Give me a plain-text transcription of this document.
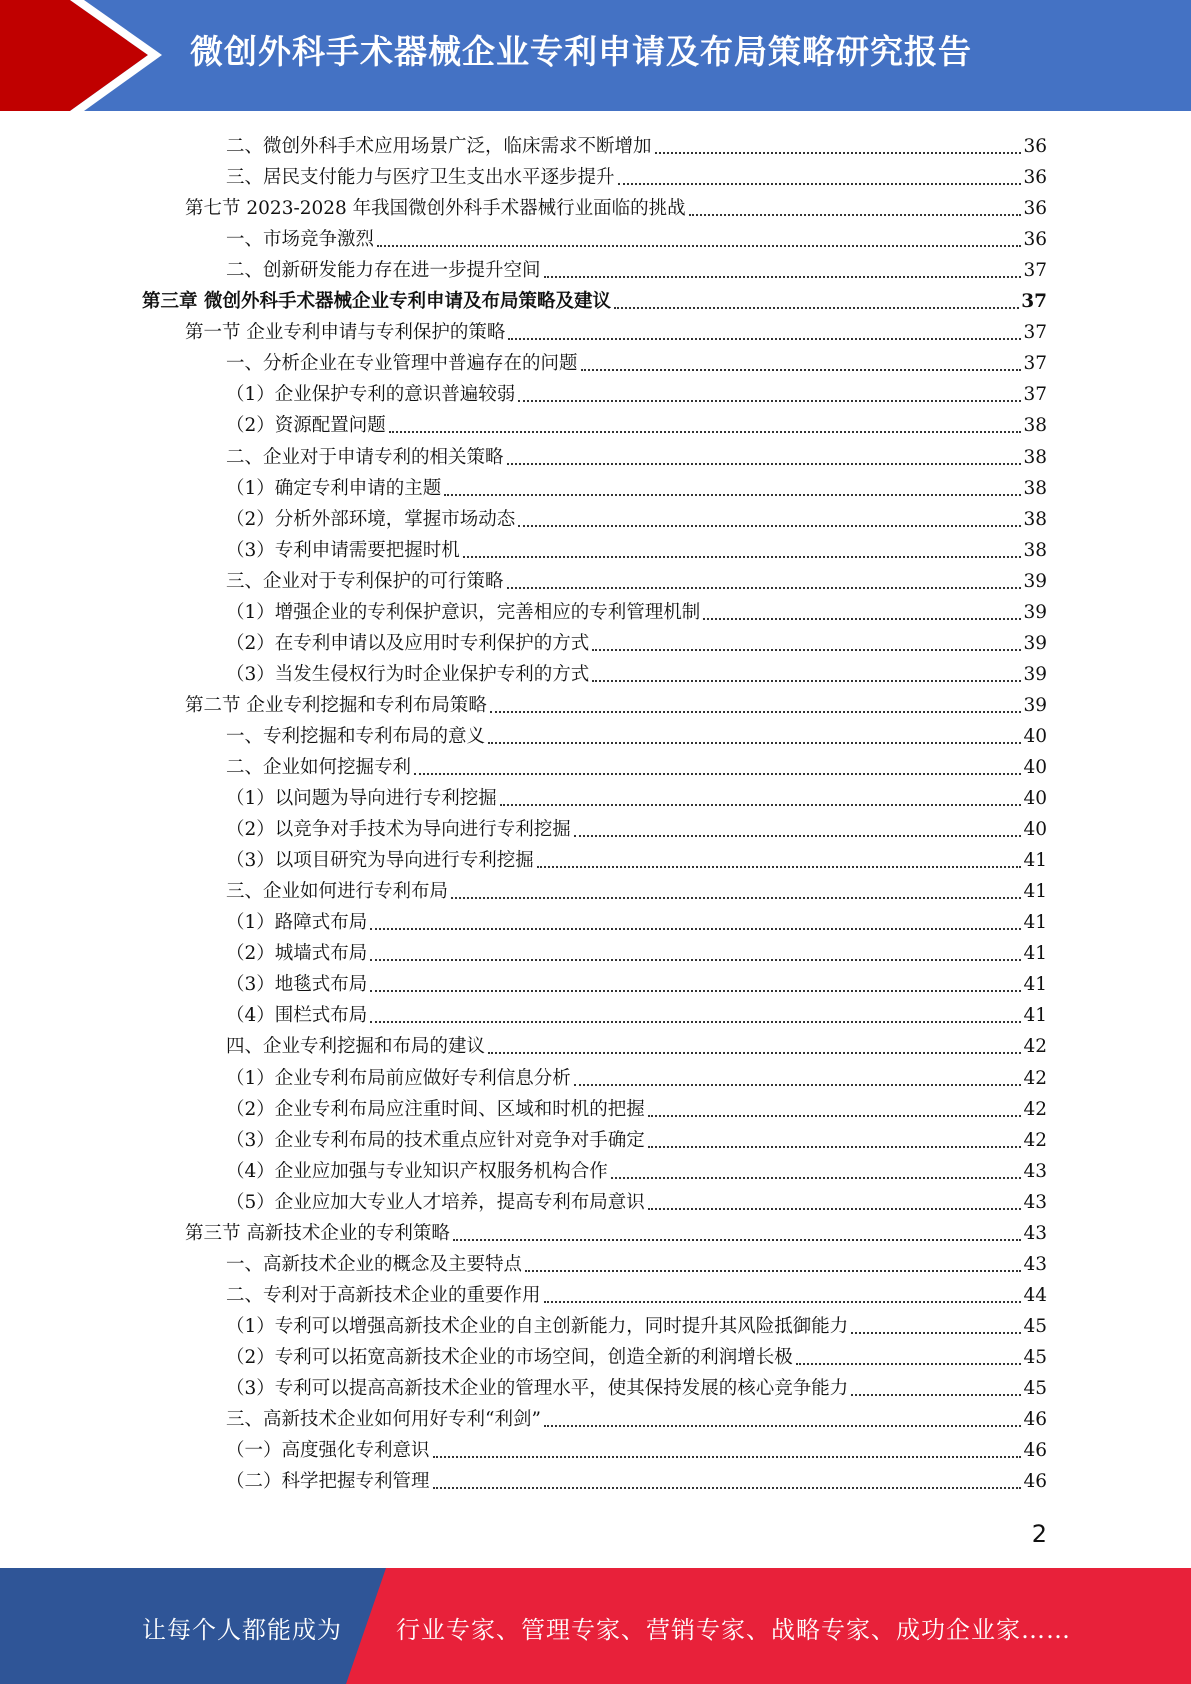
微创外科手术器械企业专利申请及布局策略研究报告
二、微创外科手术应用场景广泛，临床需求不断增加	36
三、居民支付能力与医疗卫生支出水平逐步提升	36
第七节 2023-2028 年我国微创外科手术器械行业面临的挑战	36
一、市场竞争激烈	36
二、创新研发能力存在进一步提升空间	37
第三章 微创外科手术器械企业专利申请及布局策略及建议	37
第一节 企业专利申请与专利保护的策略	37
一、分析企业在专业管理中普遍存在的问题	37
（1）企业保护专利的意识普遍较弱	37
（2）资源配置问题	38
二、企业对于申请专利的相关策略	38
（1）确定专利申请的主题	38
（2）分析外部环境，掌握市场动态	38
（3）专利申请需要把握时机	38
三、企业对于专利保护的可行策略	39
（1）增强企业的专利保护意识，完善相应的专利管理机制	39
（2）在专利申请以及应用时专利保护的方式	39
（3）当发生侵权行为时企业保护专利的方式	39
第二节 企业专利挖掘和专利布局策略	39
一、专利挖掘和专利布局的意义	40
二、企业如何挖掘专利	40
（1）以问题为导向进行专利挖掘	40
（2）以竞争对手技术为导向进行专利挖掘	40
（3）以项目研究为导向进行专利挖掘	41
三、企业如何进行专利布局	41
（1）路障式布局	41
（2）城墙式布局	41
（3）地毯式布局	41
（4）围栏式布局	41
四、企业专利挖掘和布局的建议	42
（1）企业专利布局前应做好专利信息分析	42
（2）企业专利布局应注重时间、区域和时机的把握	42
（3）企业专利布局的技术重点应针对竞争对手确定	42
（4）企业应加强与专业知识产权服务机构合作	43
（5）企业应加大专业人才培养，提高专利布局意识	43
第三节 高新技术企业的专利策略	43
一、高新技术企业的概念及主要特点	43
二、专利对于高新技术企业的重要作用	44
（1）专利可以增强高新技术企业的自主创新能力，同时提升其风险抵御能力	45
（2）专利可以拓宽高新技术企业的市场空间，创造全新的利润增长极	45
（3）专利可以提高高新技术企业的管理水平，使其保持发展的核心竞争能力	45
三、高新技术企业如何用好专利“利剑”	46
（一）高度强化专利意识	46
（二）科学把握专利管理	46
2
让每个人都能成为 行业专家、管理专家、营销专家、战略专家、成功企业家……
